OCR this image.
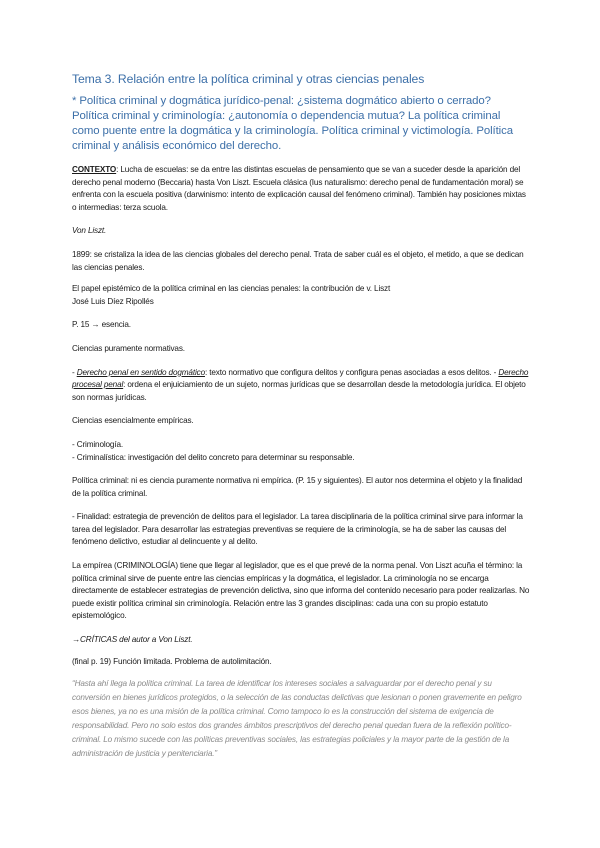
Tema 3. Relación entre la política criminal y otras ciencias penales
* Política criminal y dogmática jurídico-penal: ¿sistema dogmático abierto o cerrado? Política criminal y criminología: ¿autonomía o dependencia mutua? La política criminal como puente entre la dogmática y la criminología. Política criminal y victimología. Política criminal y análisis económico del derecho.

CONTEXTO: Lucha de escuelas: se da entre las distintas escuelas de pensamiento que se van a suceder desde la aparición del derecho penal moderno (Beccaria) hasta Von Liszt. Escuela clásica (Ius naturalismo: derecho penal de fundamentación moral) se enfrenta con la escuela positiva (darwinismo: intento de explicación causal del fenómeno criminal). También hay posiciones mixtas o intermedias: terza scuola.

Von Liszt.

1899: se cristaliza la idea de las ciencias globales del derecho penal. Trata de saber cuál es el objeto, el metido, a que se dedican las ciencias penales.

El papel epistémico de la política criminal en las ciencias penales: la contribución de v. Liszt

José Luis Díez Ripollés

P. 15 → esencia.

Ciencias puramente normativas.

- Derecho penal en sentido dogmático: texto normativo que configura delitos y configura penas asociadas a esos delitos. - Derecho procesal penal: ordena el enjuiciamiento de un sujeto, normas jurídicas que se desarrollan desde la metodología jurídica. El objeto son normas jurídicas.

Ciencias esencialmente empíricas.

- Criminología.

- Criminalística: investigación del delito concreto para determinar su responsable.

Política criminal: ni es ciencia puramente normativa ni empírica. (P. 15 y siguientes). El autor nos determina el objeto y la finalidad de la política criminal.

- Finalidad: estrategia de prevención de delitos para el legislador. La tarea disciplinaria de la política criminal sirve para informar la tarea del legislador. Para desarrollar las estrategias preventivas se requiere de la criminología, se ha de saber las causas del fenómeno delictivo, estudiar al delincuente y al delito.

La empírea (CRIMINOLOGÍA) tiene que llegar al legislador, que es el que prevé de la norma penal. Von Liszt acuña el término: la política criminal sirve de puente entre las ciencias empíricas y la dogmática, el legislador. La criminología no se encarga directamente de establecer estrategias de prevención delictiva, sino que informa del contenido necesario para poder realizarlas. No puede existir política criminal sin criminología. Relación entre las 3 grandes disciplinas: cada una con su propio estatuto epistemológico.

→CRÍTICAS del autor a Von Liszt.

(final p. 19) Función limitada. Problema de autolimitación.

“Hasta ahí llega la política criminal. La tarea de identificar los intereses sociales a salvaguardar por el derecho penal y su conversión en bienes jurídicos protegidos, o la selección de las conductas delictivas que lesionan o ponen gravemente en peligro esos bienes, ya no es una misión de la política criminal. Como tampoco lo es la construcción del sistema de exigencia de responsabilidad. Pero no solo estos dos grandes ámbitos prescriptivos del derecho penal quedan fuera de la reflexión político- criminal. Lo mismo sucede con las políticas preventivas sociales, las estrategias policiales y la mayor parte de la gestión de la administración de justicia y penitenciaria.”
